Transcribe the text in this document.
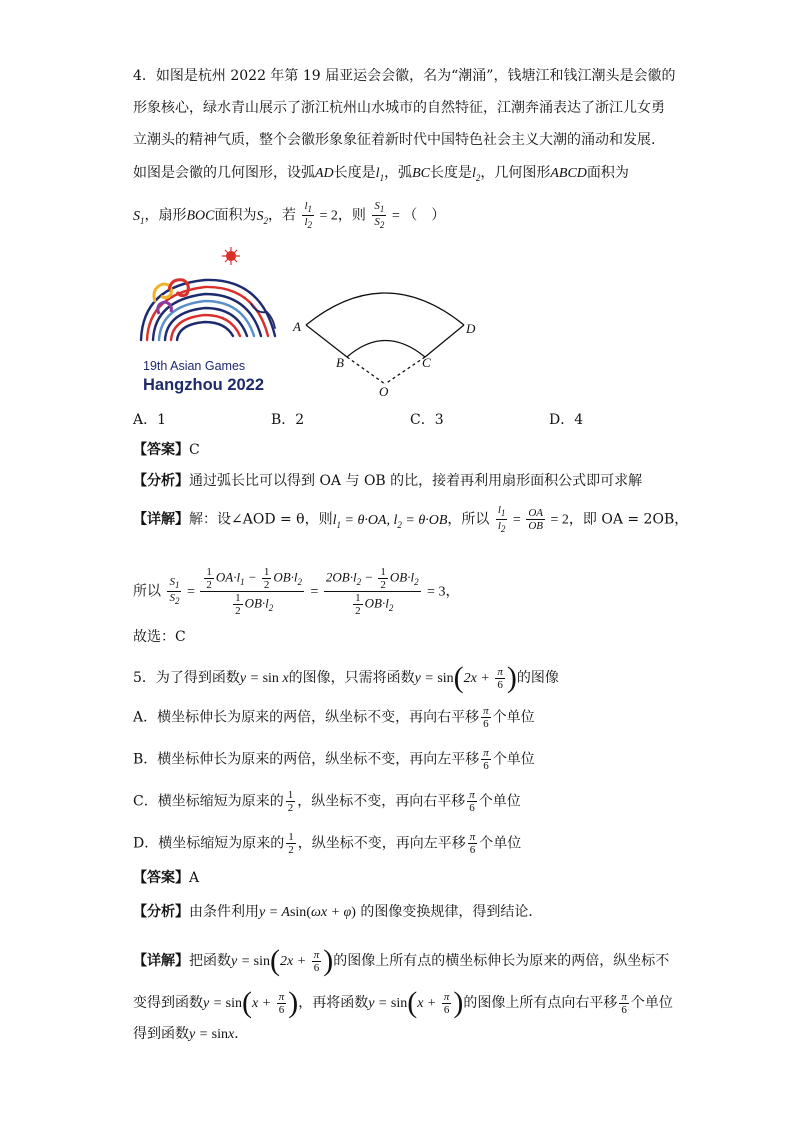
4．如图是杭州 2022 年第 19 届亚运会会徽，名为“潮涌”，钱塘江和钱江潮头是会徽的
形象核心，绿水青山展示了浙江杭州山水城市的自然特征，江潮奔涌表达了浙江儿女勇
立潮头的精神气质，整个会徽形象象征着新时代中国特色社会主义大潮的涌动和发展.
如图是会徽的几何图形，设弧AD长度是$l_1$，弧BC长度是$l_2$，几何图形ABCD面积为
$S_1$，扇形BOC面积为$S_2$，若 $\frac{l_1}{l_2} = 2$，则 $\frac{S_1}{S_2}$ = （　）
19th Asian Games
Hangzhou 2022
A
B	C
D
O
A．1	B．2	C．3	D．4
【答案】C
【分析】通过弧长比可以得到 OA 与 OB 的比，接着再利用扇形面积公式即可求解
【详解】解：设∠AOD = θ，则$l_1 = \theta\cdot OA$, $l_2 = \theta\cdot OB$，所以 $\frac{l_1}{l_2} = \frac{OA}{OB} = 2$，即 OA = 2OB，
所以 $\frac{S_1}{S_2} = \frac{\frac{1}{2} OA\cdot l_1 - \frac{1}{2} OB\cdot l_2}{\frac{1}{2} OB\cdot l_2} = \frac{2OB\cdot l_2 - \frac{1}{2} OB\cdot l_2}{\frac{1}{2} OB\cdot l_2} = 3$，
故选：C
5．为了得到函数y = sin x的图像，只需将函数$y = \sin(2x + \frac{\pi}{6}$ )的图像
A．横坐标伸长为原来的两倍，纵坐标不变，再向右平移 $\frac{\pi}{6}$ 个单位
B．横坐标伸长为原来的两倍，纵坐标不变，再向左平移 $\frac{\pi}{6}$ 个单位
C．横坐标缩短为原来的 $\frac{1}{2}$ ，纵坐标不变，再向右平移 $\frac{\pi}{6}$ 个单位
D．横坐标缩短为原来的 $\frac{1}{2}$ ，纵坐标不变，再向左平移 $\frac{\pi}{6}$ 个单位
【答案】A
【分析】由条件利用y = Asin(ωx + φ) 的图像变换规律，得到结论．
【详解】把函数$y = \sin(2x + \frac{\pi}{6}$ )的图像上所有点的横坐标伸长为原来的两倍，纵坐标不
变得到函数$y = \sin(x + \frac{\pi}{6}$ )，再将函数$y = \sin(x + \frac{\pi}{6}$ )的图像上所有点向右平移 $\frac{\pi}{6}$ 个单位
得到函数y = sinx．
